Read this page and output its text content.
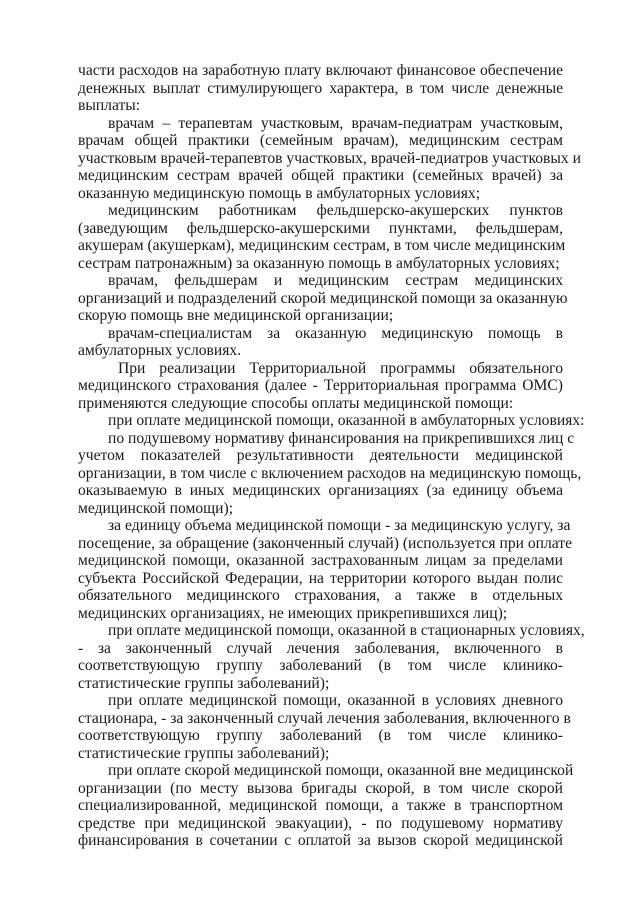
части расходов на заработную плату включают финансовое обеспечение
денежных выплат стимулирующего характера, в том числе денежные
выплаты:
врачам – терапевтам участковым, врачам-педиатрам участковым,
врачам общей практики (семейным врачам), медицинским сестрам
участковым врачей-терапевтов участковых, врачей-педиатров участковых и
медицинским сестрам врачей общей практики (семейных врачей) за
оказанную медицинскую помощь в амбулаторных условиях;
медицинским работникам фельдшерско-акушерских пунктов
(заведующим фельдшерско-акушерскими пунктами, фельдшерам,
акушерам (акушеркам), медицинским сестрам, в том числе медицинским
сестрам патронажным) за оказанную помощь в амбулаторных условиях;
врачам, фельдшерам и медицинским сестрам медицинских
организаций и подразделений скорой медицинской помощи за оказанную
скорую помощь вне медицинской организации;
врачам-специалистам за оказанную медицинскую помощь в
амбулаторных условиях.
При реализации Территориальной программы обязательного
медицинского страхования (далее - Территориальная программа ОМС)
применяются следующие способы оплаты медицинской помощи:
при оплате медицинской помощи, оказанной в амбулаторных условиях:
по подушевому нормативу финансирования на прикрепившихся лиц с
учетом показателей результативности деятельности медицинской
организации, в том числе с включением расходов на медицинскую помощь,
оказываемую в иных медицинских организациях (за единицу объема
медицинской помощи);
за единицу объема медицинской помощи - за медицинскую услугу, за
посещение, за обращение (законченный случай) (используется при оплате
медицинской помощи, оказанной застрахованным лицам за пределами
субъекта Российской Федерации, на территории которого выдан полис
обязательного медицинского страхования, а также в отдельных
медицинских организациях, не имеющих прикрепившихся лиц);
при оплате медицинской помощи, оказанной в стационарных условиях,
- за законченный случай лечения заболевания, включенного в
соответствующую группу заболеваний (в том числе клинико-
статистические группы заболеваний);
при оплате медицинской помощи, оказанной в условиях дневного
стационара, - за законченный случай лечения заболевания, включенного в
соответствующую группу заболеваний (в том числе клинико-
статистические группы заболеваний);
при оплате скорой медицинской помощи, оказанной вне медицинской
организации (по месту вызова бригады скорой, в том числе скорой
специализированной, медицинской помощи, а также в транспортном
средстве при медицинской эвакуации), - по подушевому нормативу
финансирования в сочетании с оплатой за вызов скорой медицинской
